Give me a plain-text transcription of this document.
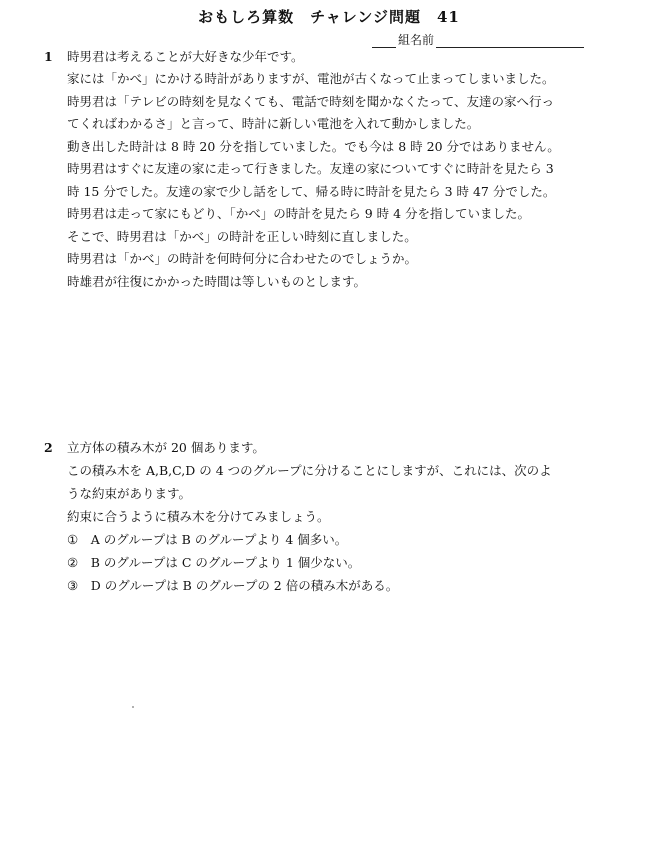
おもしろ算数　チャレンジ問題　41
組名前
1 時男君は考えることが大好きな少年です。
家には「かべ」にかける時計がありますが、電池が古くなって止まってしまいました。
時男君は「テレビの時刻を見なくても、電話で時刻を聞かなくたって、友達の家へ行っ
てくればわかるさ」と言って、時計に新しい電池を入れて動かしました。
動き出した時計は 8 時 20 分を指していました。でも今は 8 時 20 分ではありません。
時男君はすぐに友達の家に走って行きました。友達の家についてすぐに時計を見たら 3
時 15 分でした。友達の家で少し話をして、帰る時に時計を見たら 3 時 47 分でした。
時男君は走って家にもどり、「かべ」の時計を見たら 9 時 4 分を指していました。
そこで、時男君は「かべ」の時計を正しい時刻に直しました。
時男君は「かべ」の時計を何時何分に合わせたのでしょうか。
時雄君が往復にかかった時間は等しいものとします。
2 立方体の積み木が 20 個あります。
この積み木を A,B,C,D の 4 つのグループに分けることにしますが、これには、次のよ
うな約束があります。
約束に合うように積み木を分けてみましょう。
①　A のグループは B のグループより 4 個多い。
②　B のグループは C のグループより 1 個少ない。
③　D のグループは B のグループの 2 倍の積み木がある。
